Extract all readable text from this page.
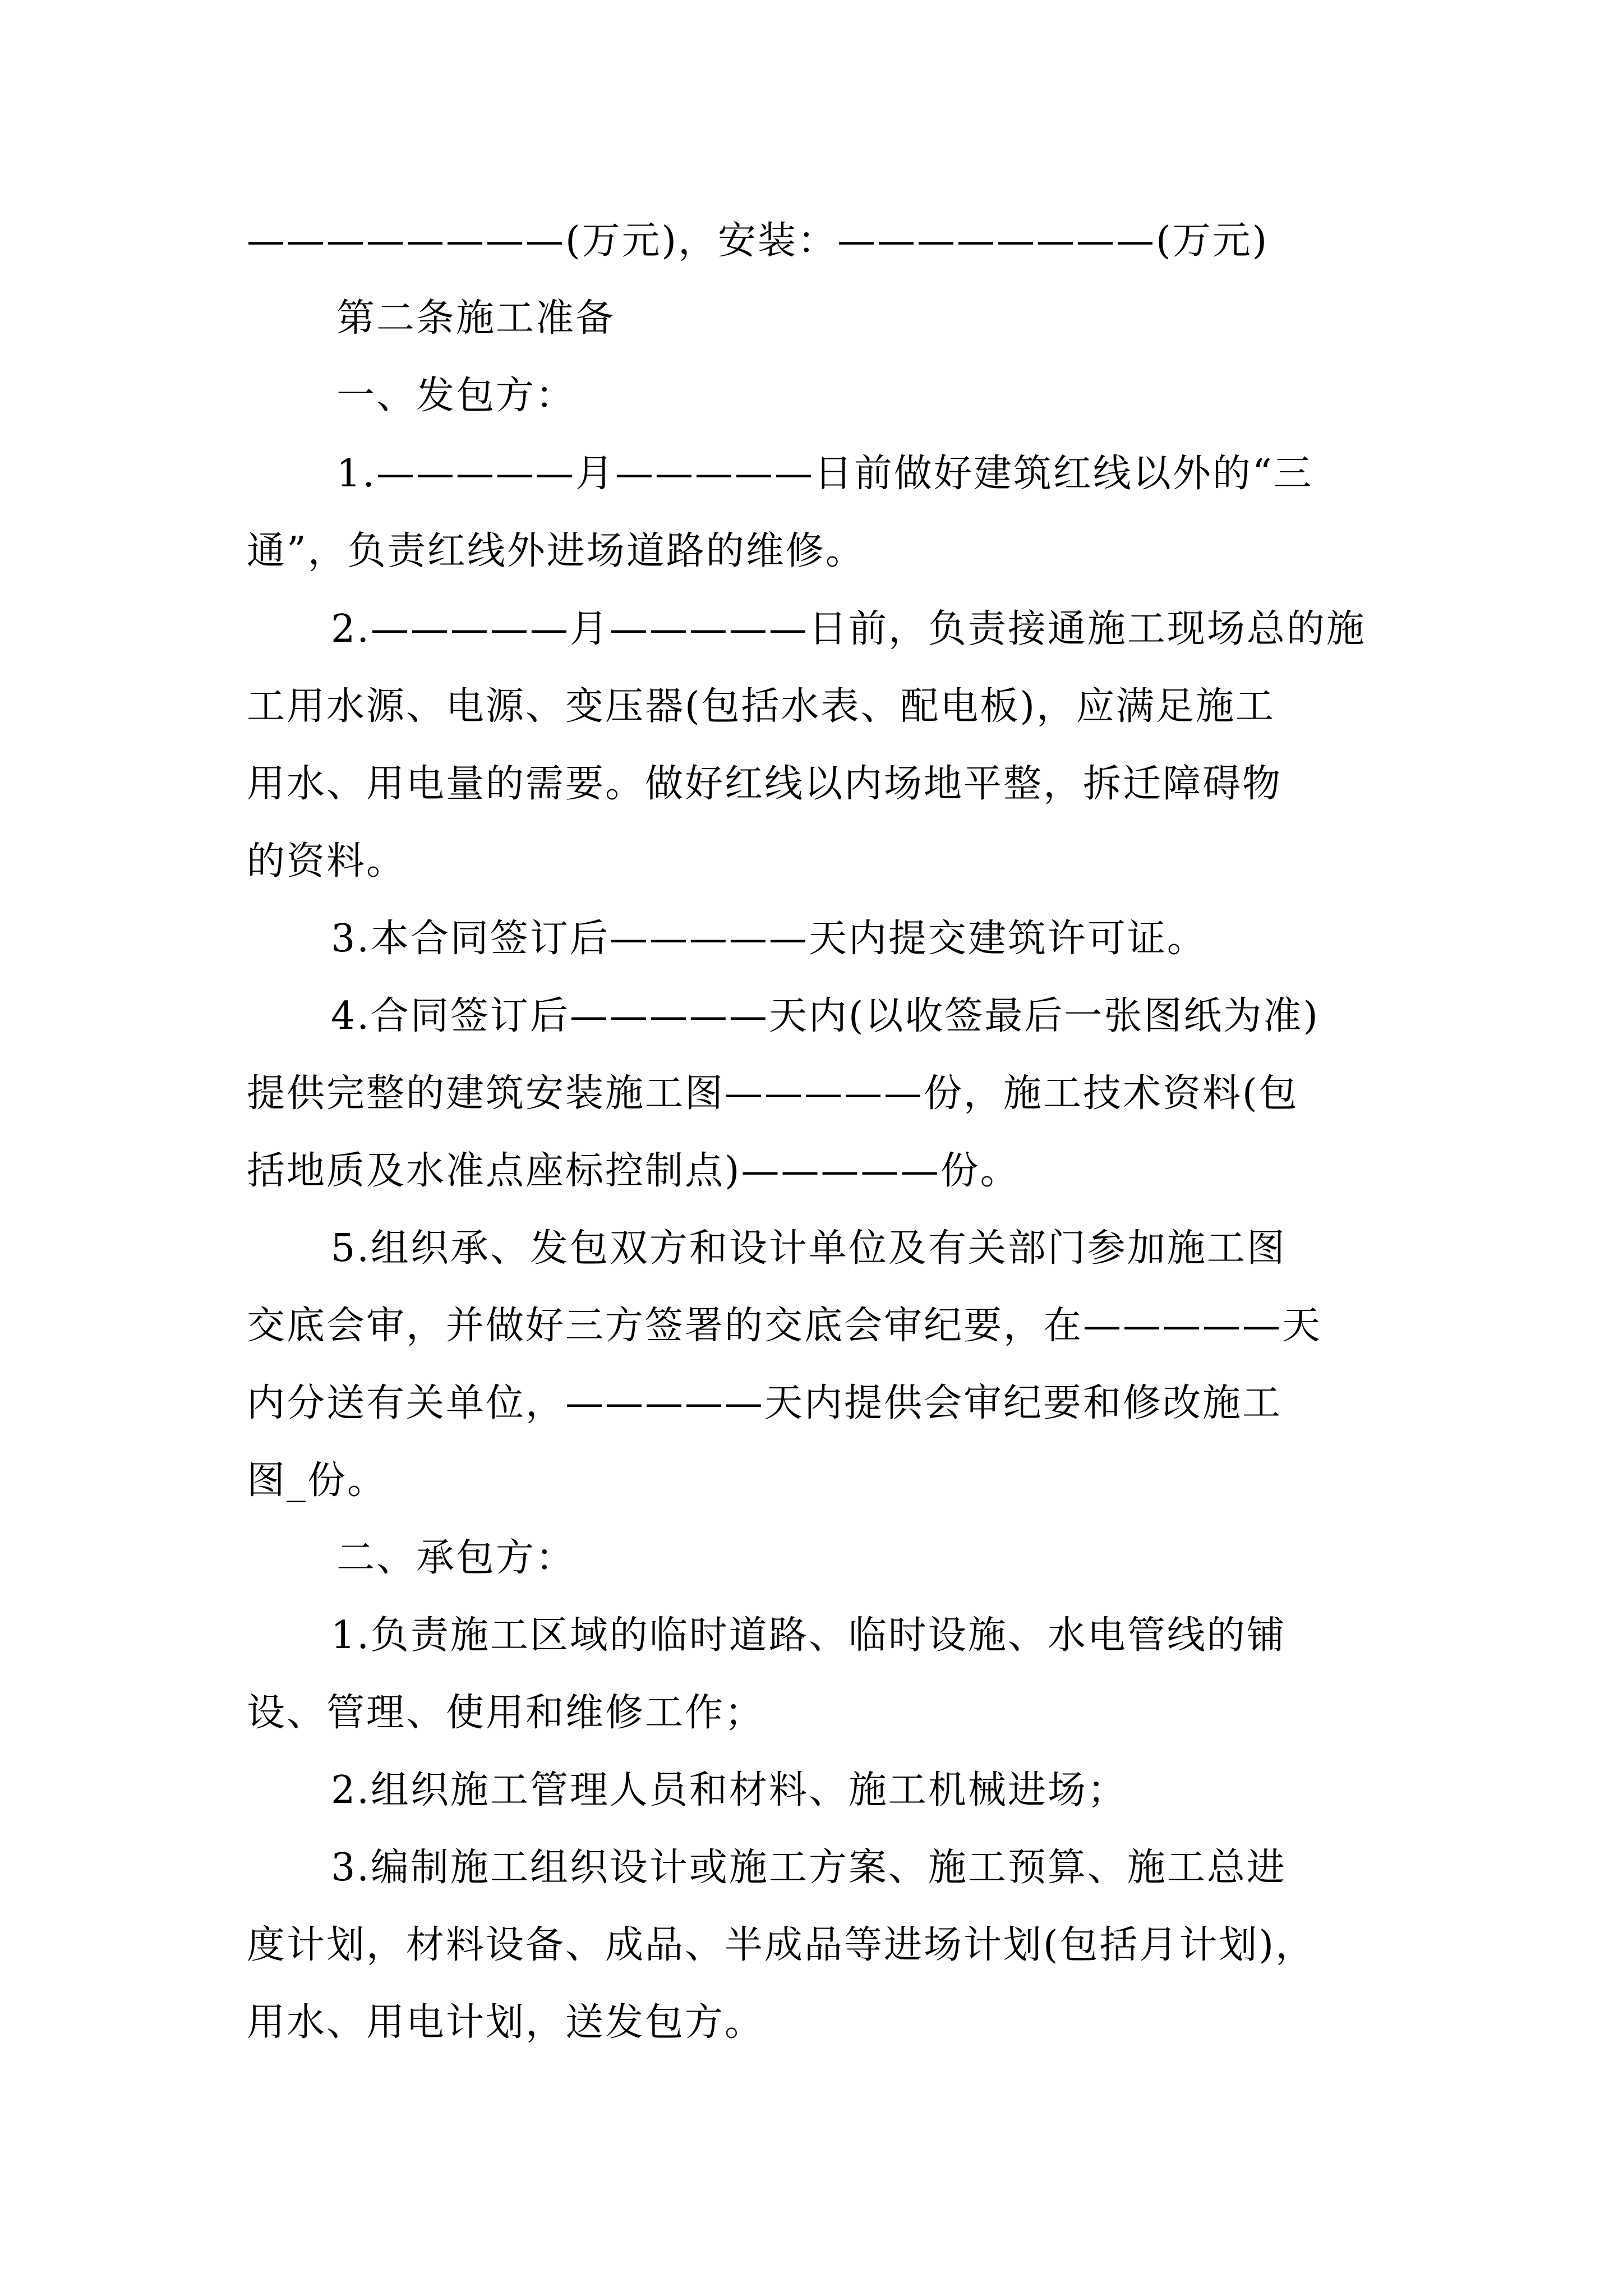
————————(万元)，安装：————————(万元)
第二条施工准备
一、发包方：
1.—————月—————日前做好建筑红线以外的“三
通”，负责红线外进场道路的维修。
2.—————月—————日前，负责接通施工现场总的施
工用水源、电源、变压器(包括水表、配电板)，应满足施工
用水、用电量的需要。做好红线以内场地平整，拆迁障碍物
的资料。
3.本合同签订后—————天内提交建筑许可证。
4.合同签订后—————天内(以收签最后一张图纸为准)
提供完整的建筑安装施工图—————份，施工技术资料(包
括地质及水准点座标控制点)—————份。
5.组织承、发包双方和设计单位及有关部门参加施工图
交底会审，并做好三方签署的交底会审纪要，在—————天
内分送有关单位，—————天内提供会审纪要和修改施工
图_份。
二、承包方：
1.负责施工区域的临时道路、临时设施、水电管线的铺
设、管理、使用和维修工作；
2.组织施工管理人员和材料、施工机械进场；
3.编制施工组织设计或施工方案、施工预算、施工总进
度计划，材料设备、成品、半成品等进场计划(包括月计划)，
用水、用电计划，送发包方。
